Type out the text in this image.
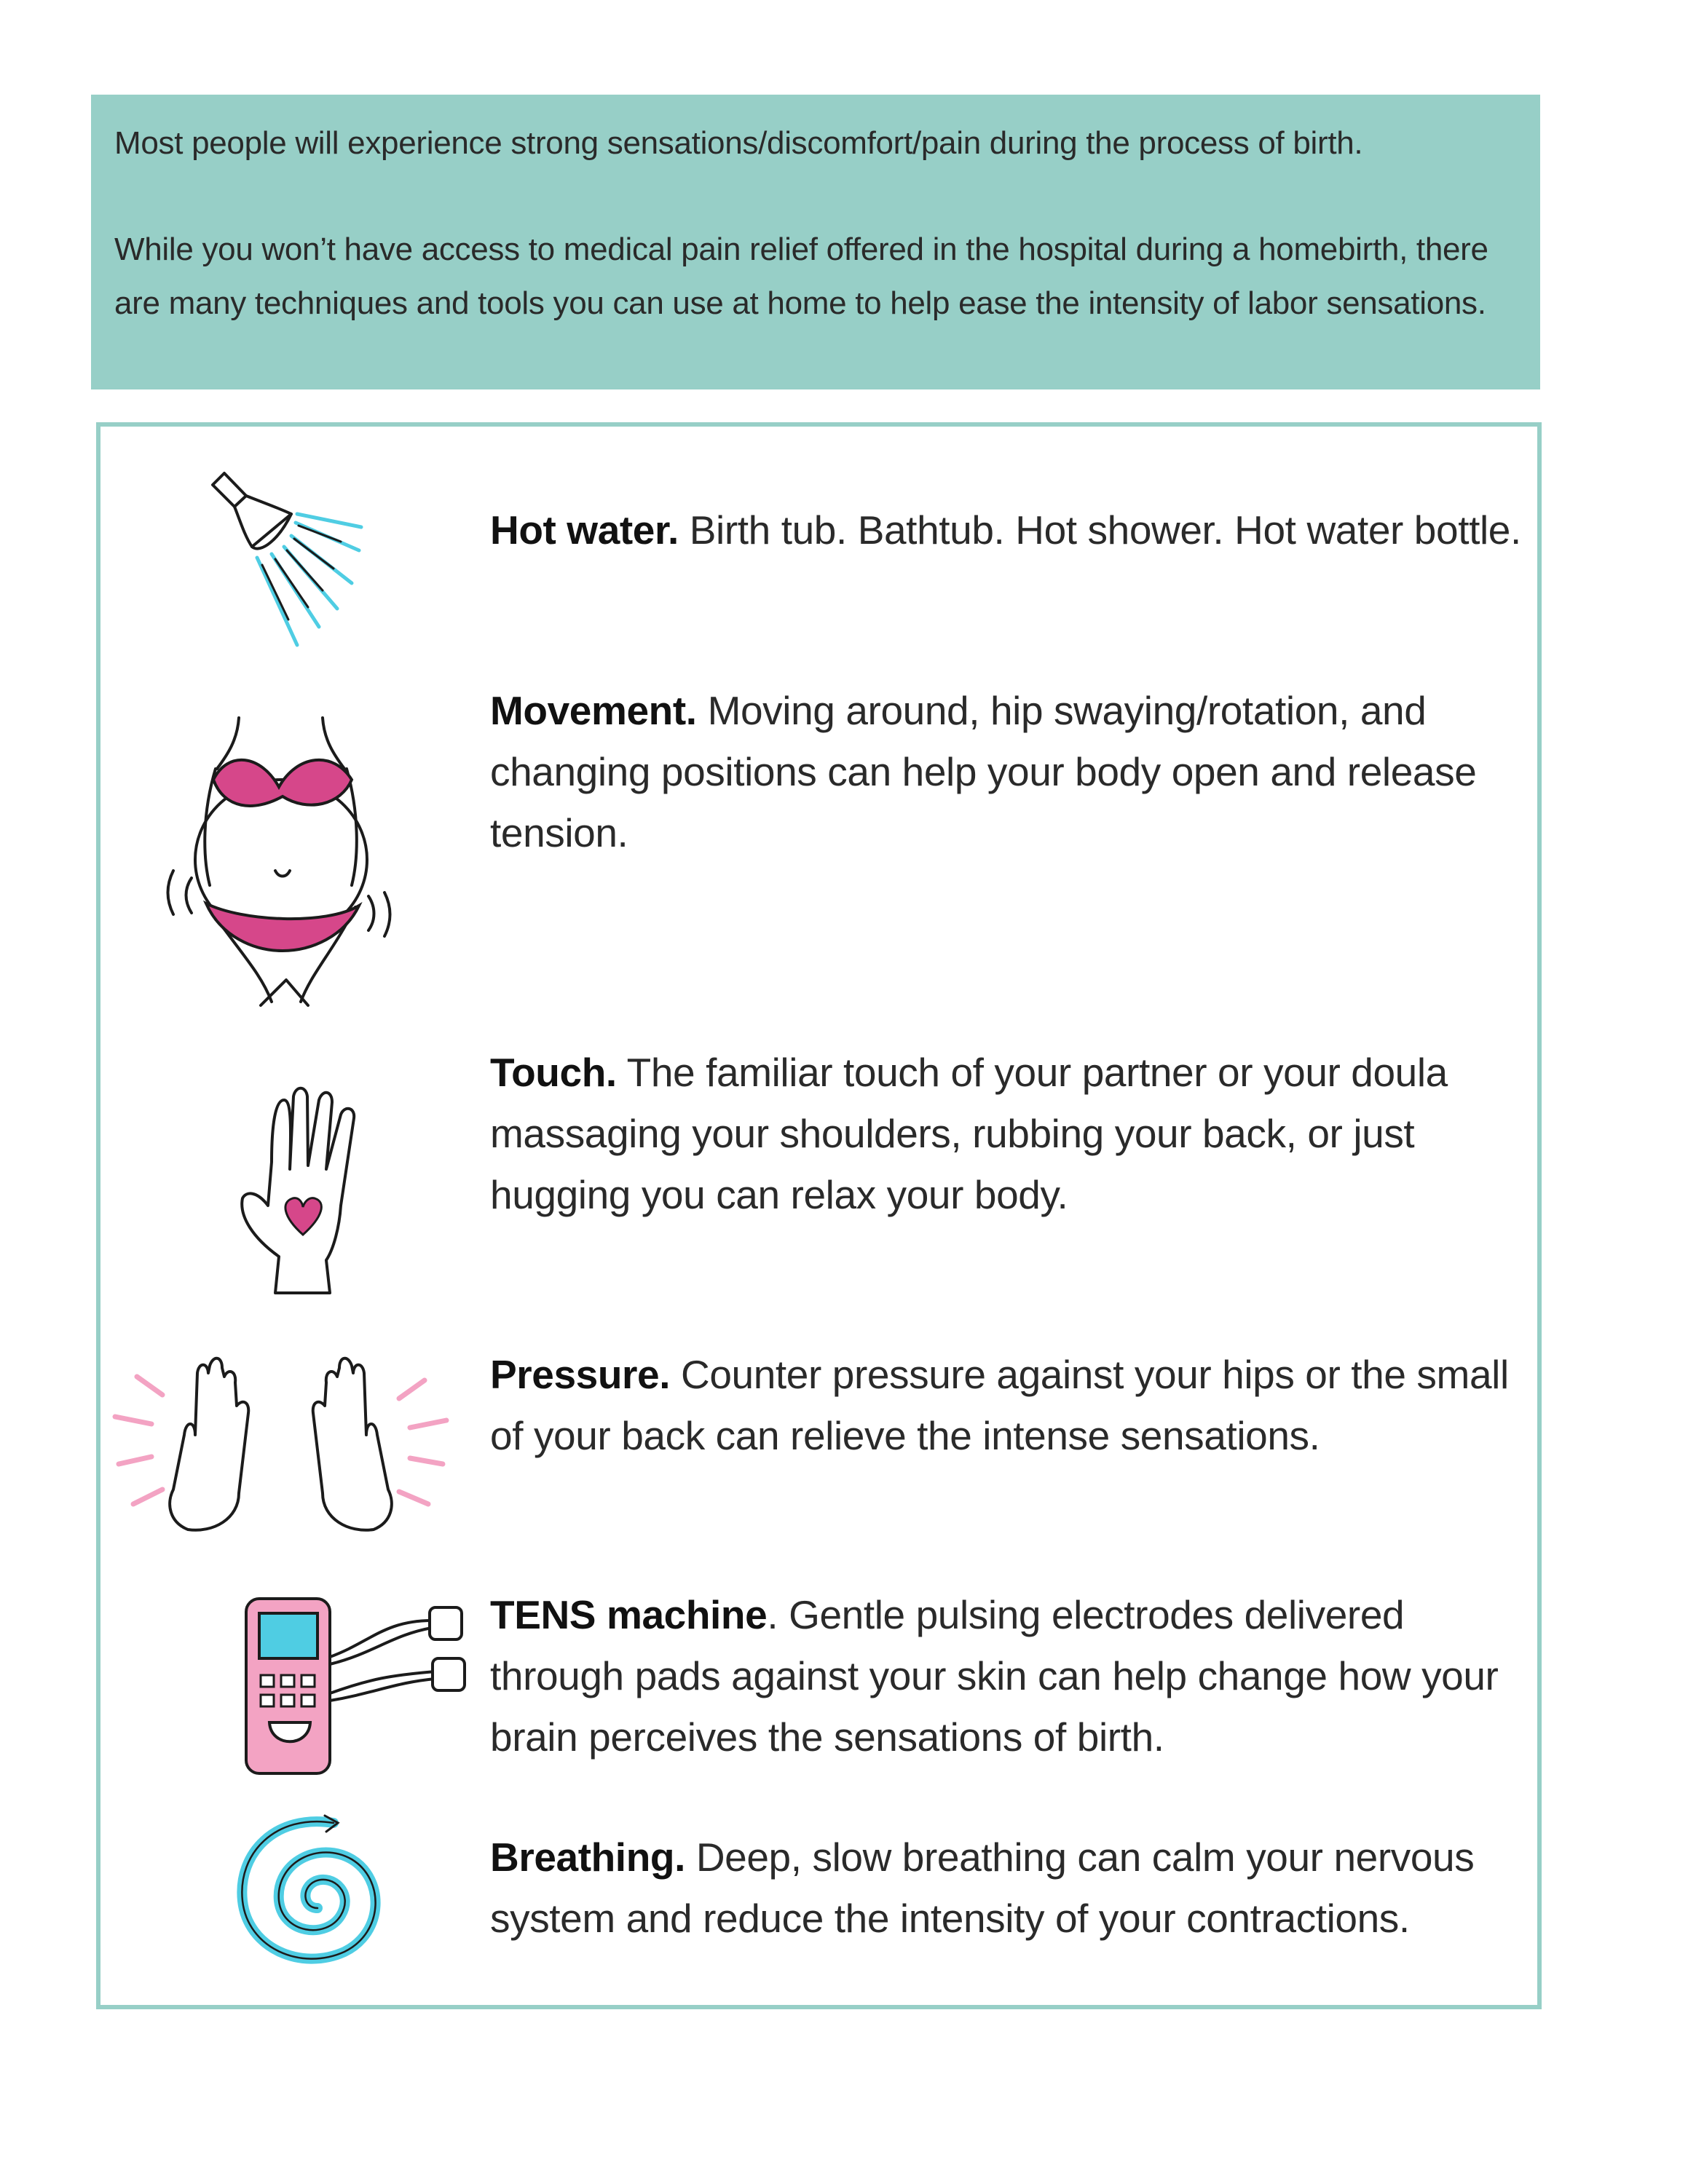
Most people will experience strong sensations/discomfort/pain during the process of birth.

While you won’t have access to medical pain relief offered in the hospital during a homebirth, there are many techniques and tools you can use at home to help ease the intensity of labor sensations.

Hot water. Birth tub. Bathtub. Hot shower. Hot water bottle.

Movement. Moving around, hip swaying/rotation, and changing positions can help your body open and release tension.

Touch. The familiar touch of your partner or your doula massaging your shoulders, rubbing your back, or just hugging you can relax your body.

Pressure. Counter pressure against your hips or the small of your back can relieve the intense sensations.

TENS machine. Gentle pulsing electrodes delivered through pads against your skin can help change how your brain perceives the sensations of birth.

Breathing. Deep, slow breathing can calm your nervous system and reduce the intensity of your contractions.
